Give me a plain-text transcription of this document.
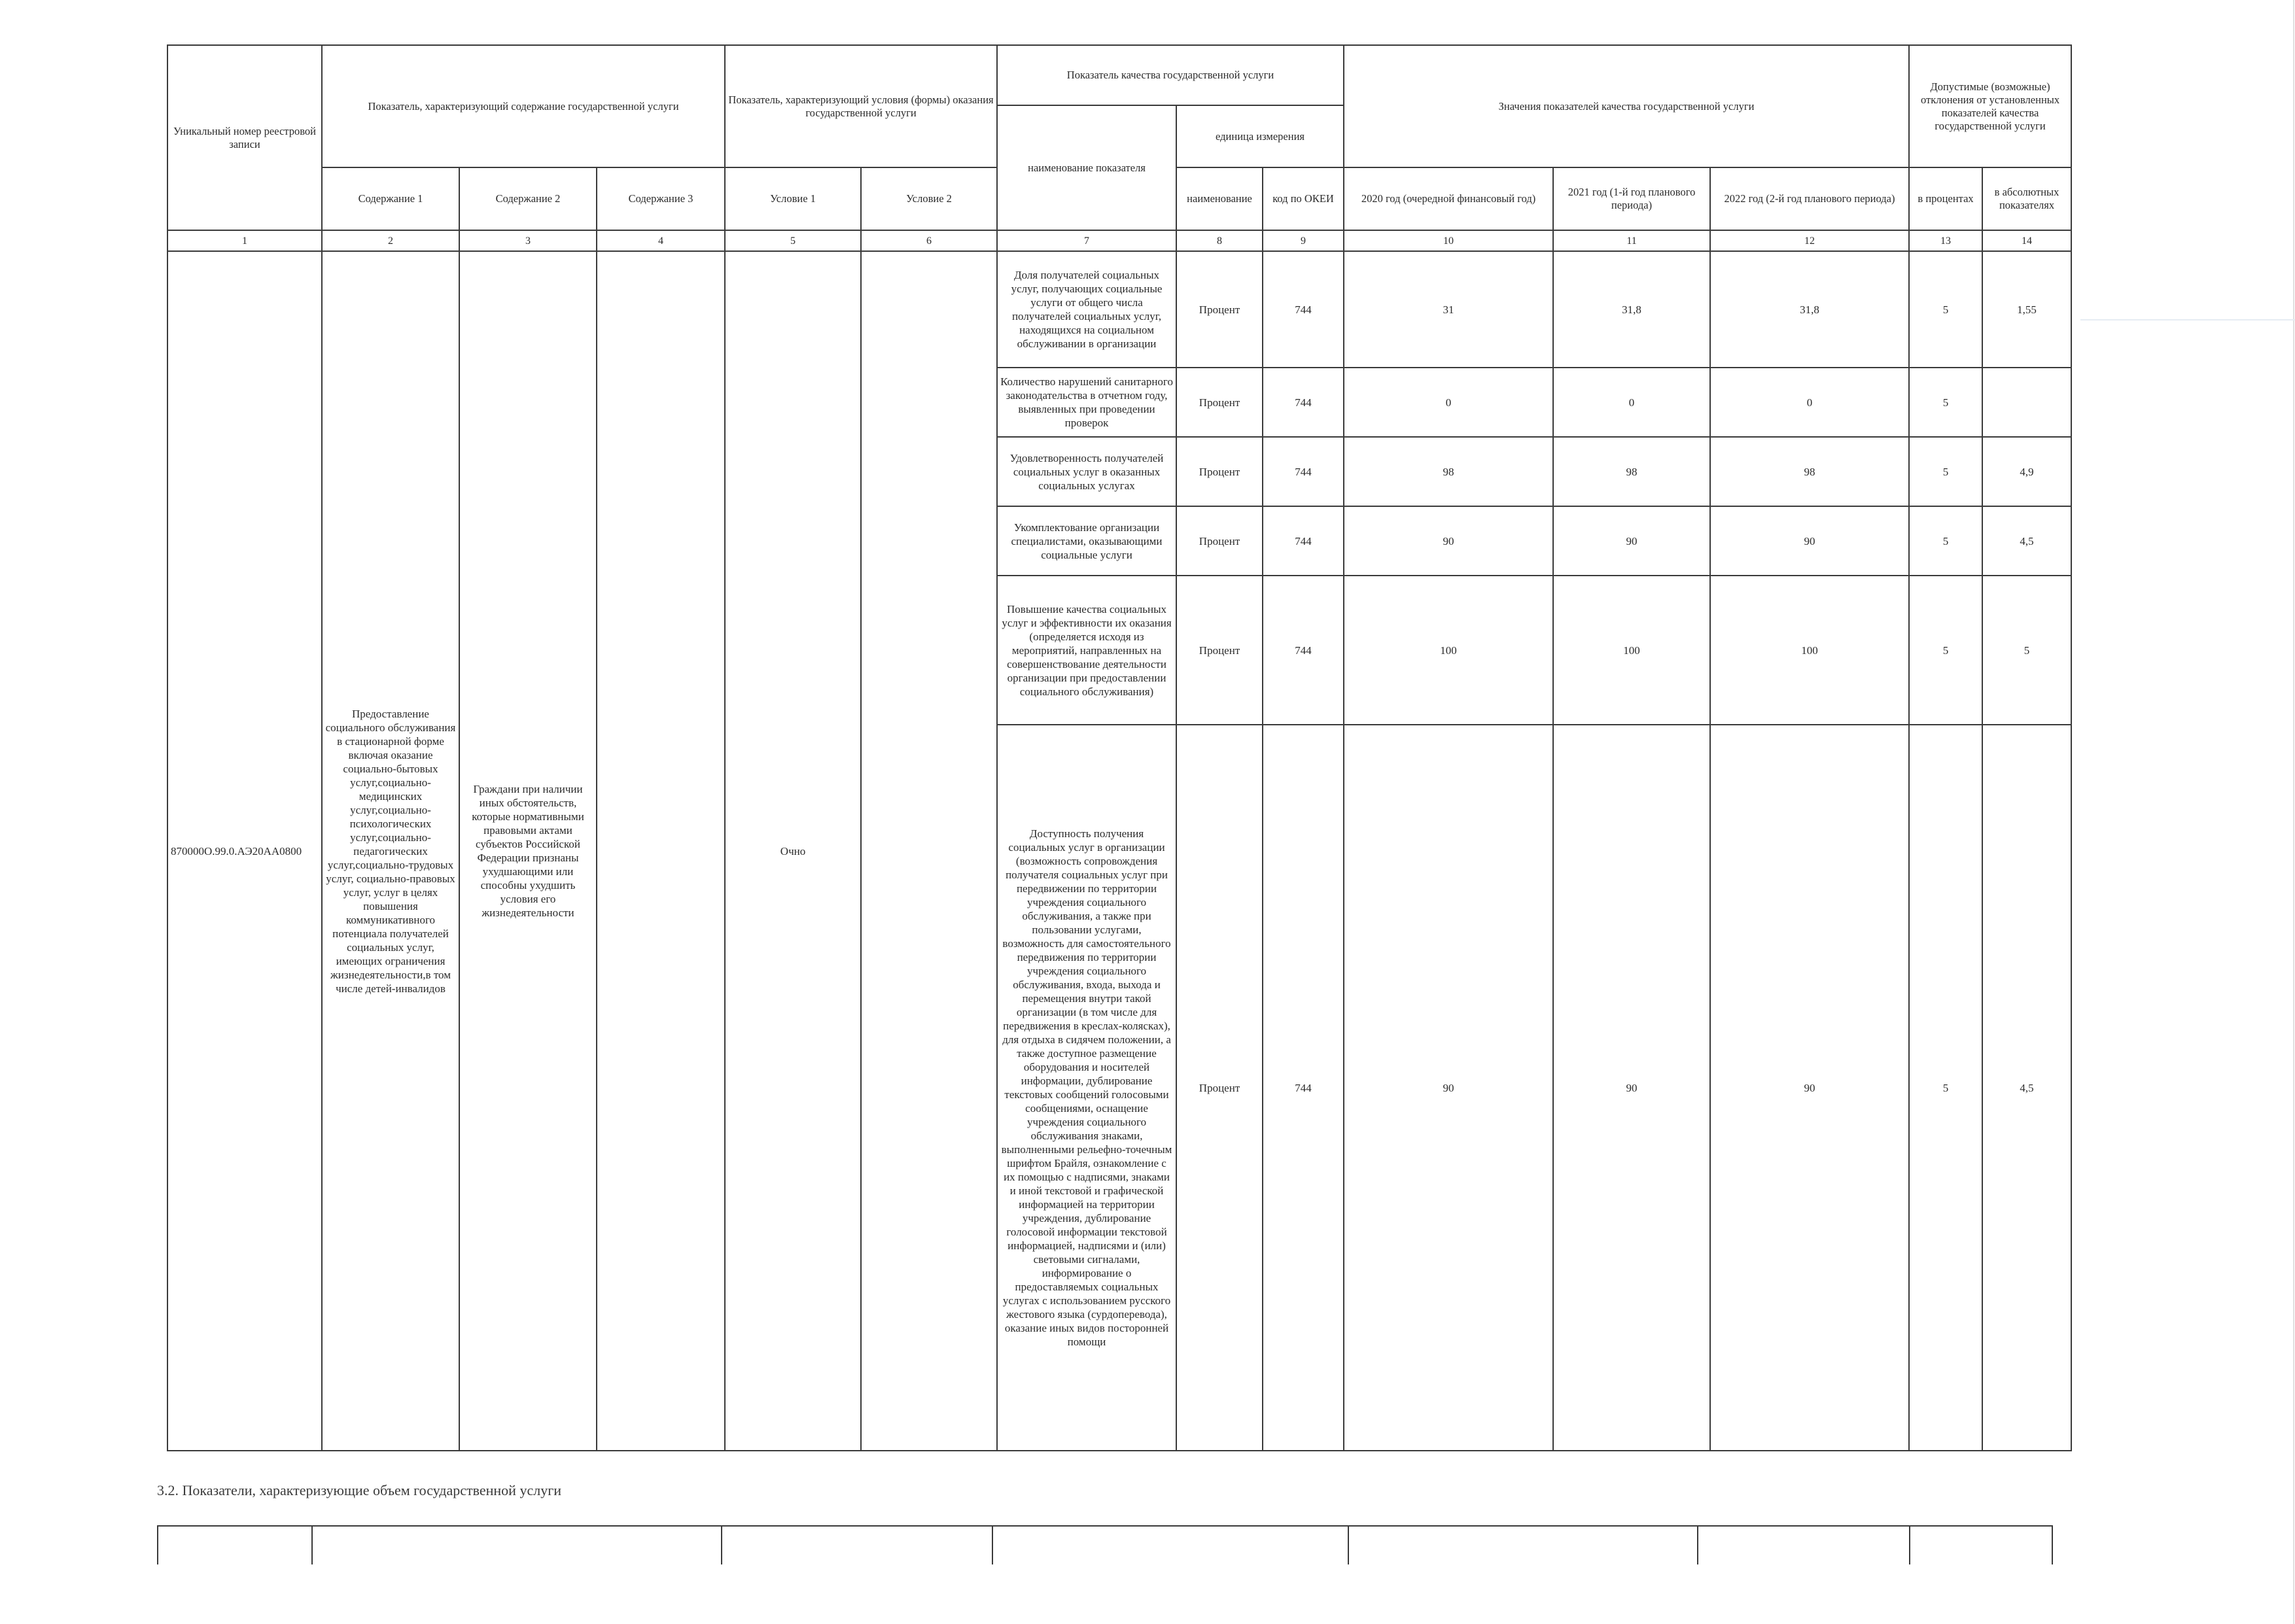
Уникальный номер реестровой записи	Показатель, характеризующий содержание государственной услуги			Показатель, характеризующий условия (формы) оказания государственной услуги		Показатель качества государственной услуги			Значения показателей качества государственной услуги			Допустимые (возможные) отклонения от установленных показателей качества государственной услуги	
						наименование показателя	единица измерения						
	Содержание 1	Содержание 2	Содержание 3	Условие 1	Условие 2		наименование	код по ОКЕИ	2020 год (очередной финансовый год)	2021 год (1-й год планового периода)	2022 год (2-й год планового периода)	в процентах	в абсолютных показателях
1	2	3	4	5	6	7	8	9	10	11	12	13	14
870000О.99.0.АЭ20АА0800	Предоставление социального обслуживания в стационарной форме включая оказание социально-бытовых услуг,социально-медицинских услуг,социально-психологических услуг,социально-педагогических услуг,социально-трудовых услуг, социально-правовых услуг, услуг в целях повышения коммуникативного потенциала получателей социальных услуг, имеющих ограничения жизнедеятельности,в том числе детей-инвалидов	Граждани при наличии иных обстоятельств, которые нормативными правовыми актами субъектов Российской Федерации признаны ухудшающими или способны ухудшить условия его жизнедеятельности		Очно		Доля получателей социальных услуг, получающих социальные услуги от общего числа получателей социальных услуг, находящихся на социальном обслуживании в организации	Процент	744	31	31,8	31,8	5	1,55
						Количество нарушений санитарного законодательства в отчетном году, выявленных при проведении проверок	Процент	744	0	0	0	5	
						Удовлетворенность получателей социальных услуг в оказанных социальных услугах	Процент	744	98	98	98	5	4,9
						Укомплектование организации специалистами, оказывающими социальные услуги	Процент	744	90	90	90	5	4,5
						Повышение качества социальных услуг и эффективности их оказания (определяется исходя из мероприятий, направленных на совершенствование деятельности организации при предоставлении социального обслуживания)	Процент	744	100	100	100	5	5
						Доступность получения социальных услуг в организации (возможность сопровождения получателя социальных услуг при передвижении по территории учреждения социального обслуживания, а также при пользовании услугами, возможность для самостоятельного передвижения по территории учреждения социального обслуживания, входа, выхода и перемещения внутри такой организации (в том числе для передвижения в креслах-колясках), для отдыха в сидячем положении, а также доступное размещение оборудования и носителей информации, дублирование текстовых сообщений голосовыми сообщениями, оснащение учреждения социального обслуживания знаками, выполненными рельефно-точечным шрифтом Брайля, ознакомление с их помощью с надписями, знаками и иной текстовой и графической информацией на территории учреждения, дублирование голосовой информации текстовой информацией, надписями и (или) световыми сигналами, информирование о предоставляемых социальных услугах с использованием русского жестового языка (сурдоперевода), оказание иных видов посторонней помощи	Процент	744	90	90	90	5	4,5
3.2. Показатели, характеризующие объем государственной услуги
